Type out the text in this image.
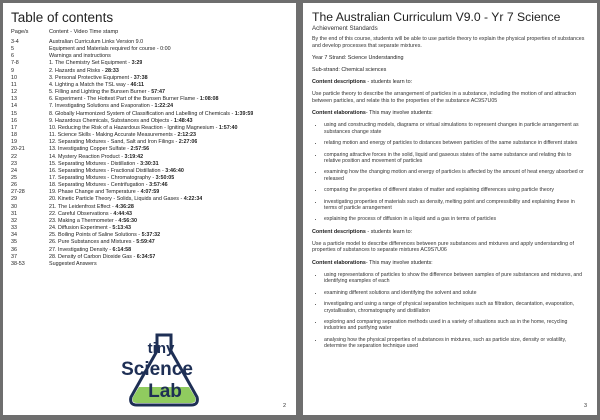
Table of contents
Page/s	Content - Video Time stamp
3-4	Australian Curriculum Links Version 9.0
5	Equipment and Materials required for course - 0:00
6	Warnings and instructions
7-8	1. The Chemistry Set Equipment - 3:29
9	2. Hazards and Risks - 28:33
10	3. Personal Protective Equipment - 37:38
11	4. Lighting a Match the TSL way - 46:11
12	5. Filling and Lighting the Bunsen Burner - 57:47
13	6. Experiment - The Hottest Part of the Bunsen Burner Flame - 1:08:08
14	7. Investigating Solutions and Evaporation - 1:22:24
15	8. Globally Harmonized System of Classification and Labelling of Chemicals - 1:39:59
16	9. Hazardous Chemicals, Substances and Objects - 1:48:43
17	10. Reducing the Risk of a Hazardous Reaction - Igniting Magnesium - 1:57:40
18	11. Science Skills - Making Accurate Measurements - 2:12:23
19	12. Separating Mixtures - Sand, Salt and Iron Filings - 2:27:06
20-21	13. Investigating Copper Sulfate - 2:57:56
22	14. Mystery Reaction Product - 3:19:42
23	15. Separating Mixtures - Distillation - 3:30:31
24	16. Separating Mixtures - Fractional Distillation - 3:46:40
25	17. Separating Mixtures - Chromatography - 3:50:05
26	18. Separating Mixtures - Centrifugation - 3:57:46
27-28	19. Phase Change and Temperature - 4:07:59
29	20. Kinetic Particle Theory - Solids, Liquids and Gases - 4:22:34
30	21. The Leidenfrost Effect - 4:36:28
31	22. Careful Observations - 4:44:43
32	23. Making a Thermometer - 4:56:30
33	24. Diffusion Experiment - 5:13:43
34	25. Boiling Points of Saline Solutions - 5:37:32
35	26. Pure Substances and Mixtures - 5:59:47
36	27. Investigating Density - 6:14:58
37	28. Density of Carbon Dioxide Gas - 6:34:57
38-53	Suggested Answers
tiny
Science
Lab
2
The Australian Curriculum V9.0 - Yr 7 Science
Achievement Standards

By the end of this course, students will be able to use particle theory to explain the physical properties of substances and develop processes that separate mixtures.

Year 7 Strand: Science Understanding

Sub-strand: Chemical sciences

Content descriptions - students learn to:

Use particle theory to describe the arrangement of particles in a substance, including the motion of and attraction between particles, and relate this to the properties of the substance AC9S7U05

Content elaborations- This may involve students:

• using and constructing models, diagrams or virtual simulations to represent changes in particle arrangement as substances change state
• relating motion and energy of particles to distances between particles of the same substance in different states
• comparing attractive forces in the solid, liquid and gaseous states of the same substance and relating this to relative position and movement of particles
• examining how the changing motion and energy of particles is affected by the amount of heat energy absorbed or released
• comparing the properties of different states of matter and explaining differences using particle theory
• investigating properties of materials such as density, melting point and compressibility and explaining these in terms of particle arrangement
• explaining the process of diffusion in a liquid and a gas in terms of particles

Content descriptions - students learn to:

Use a particle model to describe differences between pure substances and mixtures and apply understanding of properties of substances to separate mixtures AC9S7U06

Content elaborations- This may involve students:

• using representations of particles to show the difference between samples of pure substances and mixtures, and identifying examples of each
• examining different solutions and identifying the solvent and solute
• investigating and using a range of physical separation techniques such as filtration, decantation, evaporation, crystallisation, chromatography and distillation
• exploring and comparing separation methods used in a variety of situations such as in the home, recycling industries and purifying water
• analysing how the physical properties of substances in mixtures, such as particle size, density or volatility, determine the separation technique used
3
